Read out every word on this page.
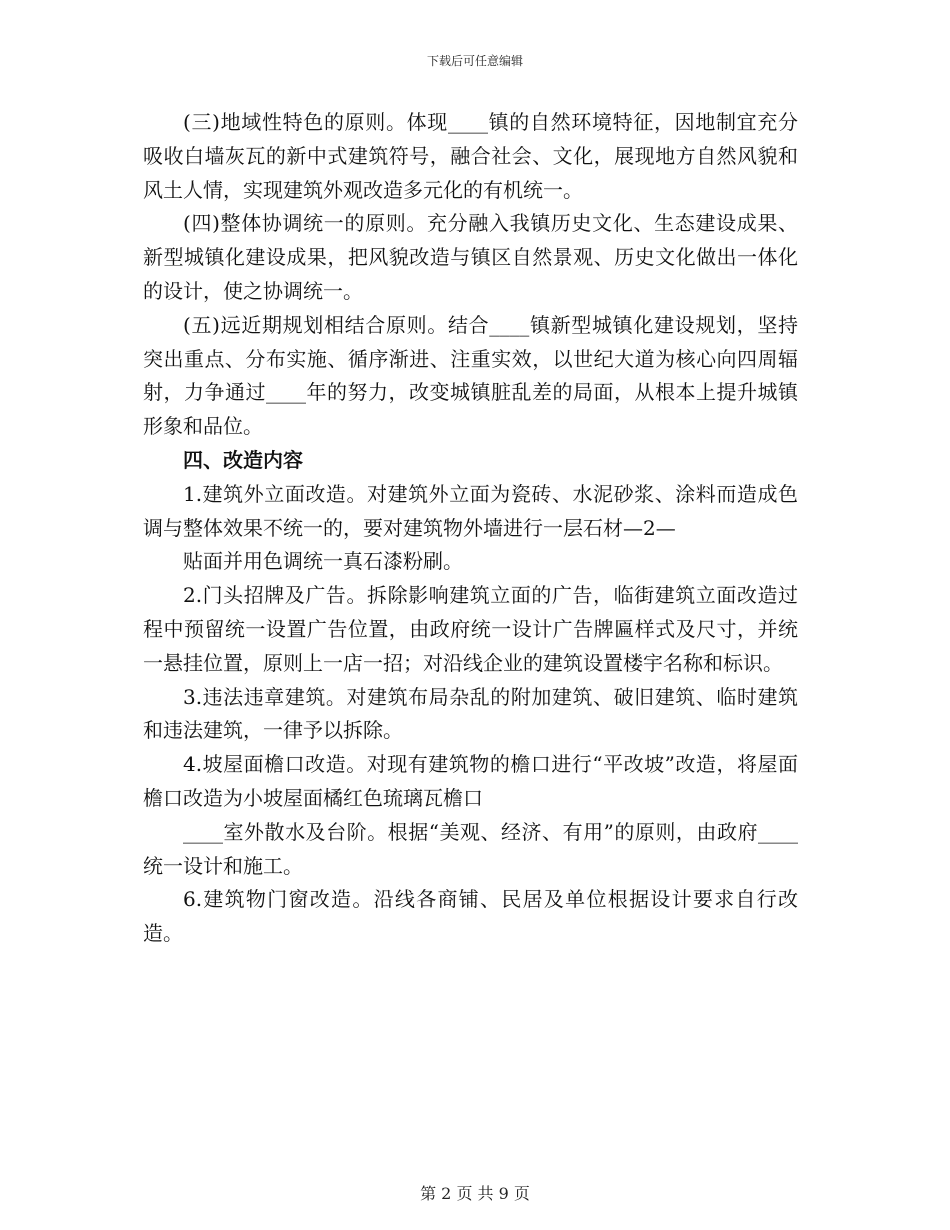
下载后可任意编辑

(三)地域性特色的原则。体现____镇的自然环境特征，因地制宜充分吸收白墙灰瓦的新中式建筑符号，融合社会、文化，展现地方自然风貌和风土人情，实现建筑外观改造多元化的有机统一。

(四)整体协调统一的原则。充分融入我镇历史文化、生态建设成果、新型城镇化建设成果，把风貌改造与镇区自然景观、历史文化做出一体化的设计，使之协调统一。

(五)远近期规划相结合原则。结合____镇新型城镇化建设规划，坚持突出重点、分布实施、循序渐进、注重实效，以世纪大道为核心向四周辐射，力争通过____年的努力，改变城镇脏乱差的局面，从根本上提升城镇形象和品位。

四、改造内容

1.建筑外立面改造。对建筑外立面为瓷砖、水泥砂浆、涂料而造成色调与整体效果不统一的，要对建筑物外墙进行一层石材—2—

贴面并用色调统一真石漆粉刷。

2.门头招牌及广告。拆除影响建筑立面的广告，临街建筑立面改造过程中预留统一设置广告位置，由政府统一设计广告牌匾样式及尺寸，并统一悬挂位置，原则上一店一招；对沿线企业的建筑设置楼宇名称和标识。

3.违法违章建筑。对建筑布局杂乱的附加建筑、破旧建筑、临时建筑和违法建筑，一律予以拆除。

4.坡屋面檐口改造。对现有建筑物的檐口进行“平改坡”改造，将屋面檐口改造为小坡屋面橘红色琉璃瓦檐口

____室外散水及台阶。根据“美观、经济、有用”的原则，由政府____统一设计和施工。

6.建筑物门窗改造。沿线各商铺、民居及单位根据设计要求自行改造。

第 2 页 共 9 页
